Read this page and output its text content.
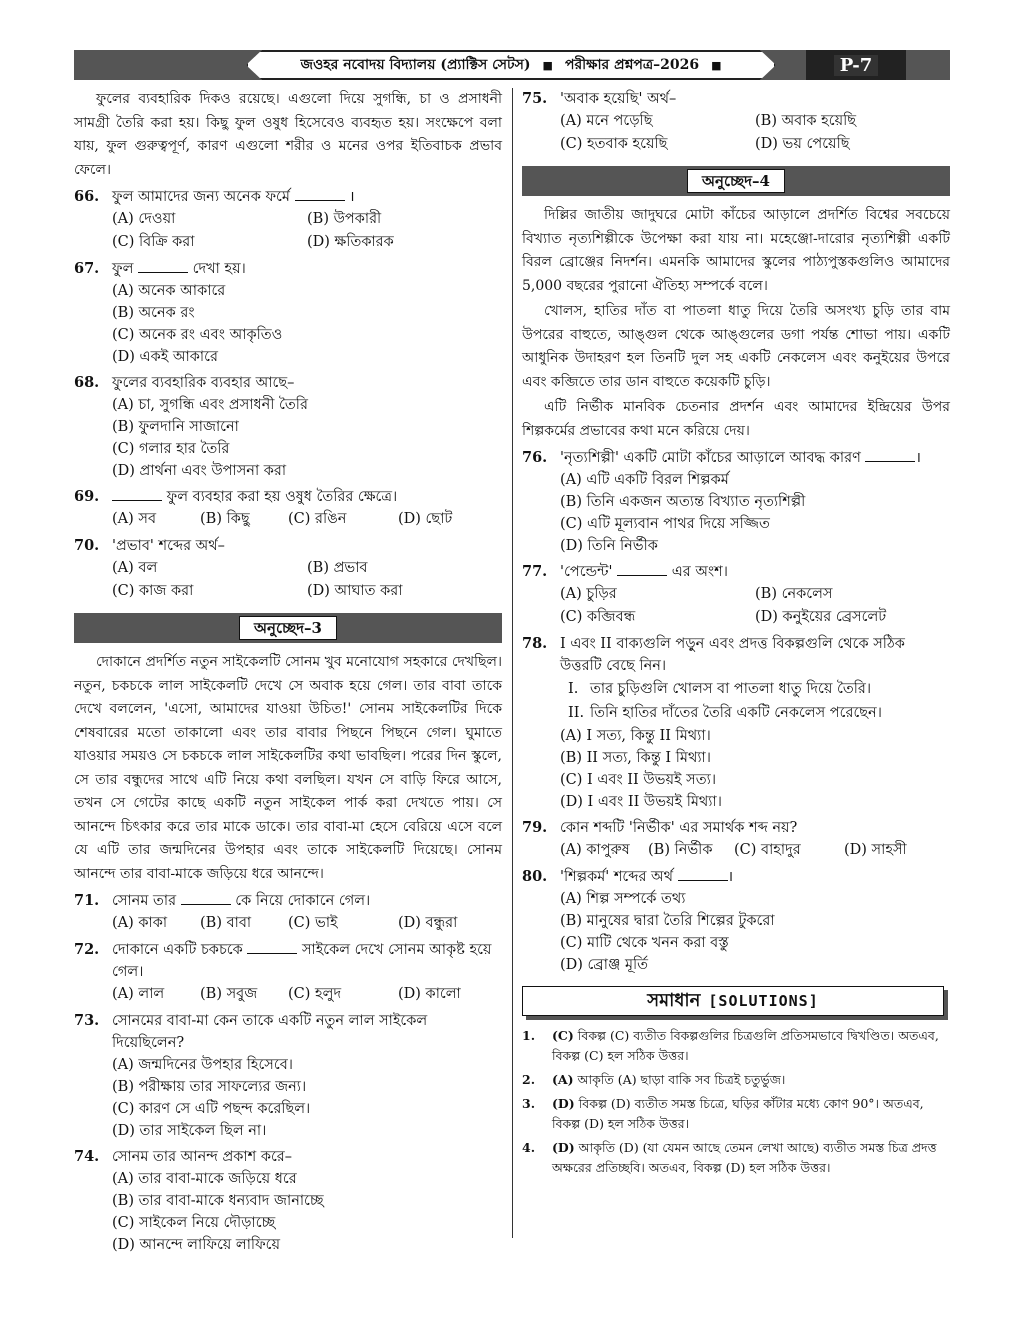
জওহর নবোদয় বিদ্যালয় (প্র্যাক্টিস সেটস) ■ পরীক্ষার প্রশ্নপত্র–2026 ■	P-7

ফুলের ব্যবহারিক দিকও রয়েছে। এগুলো দিয়ে সুগন্ধি, চা ও প্রসাধনী সামগ্রী তৈরি করা হয়। কিছু ফুল ওষুধ হিসেবেও ব্যবহৃত হয়। সংক্ষেপে বলা যায়, ফুল গুরুত্বপূর্ণ, কারণ এগুলো শরীর ও মনের ওপর ইতিবাচক প্রভাব ফেলে।

66. ফুল আমাদের জন্য অনেক ফর্মে	।
(A) দেওয়া	(B) উপকারী
(C) বিক্রি করা	(D) ক্ষতিকারক
67. ফুল	দেখা হয়।
(A) অনেক আকারে
(B) অনেক রং
(C) অনেক রং এবং আকৃতিও
(D) একই আকারে
68. ফুলের ব্যবহারিক ব্যবহার আছে–
(A) চা, সুগন্ধি এবং প্রসাধনী তৈরি
(B) ফুলদানি সাজানো
(C) গলার হার তৈরি
(D) প্রার্থনা এবং উপাসনা করা
69.	ফুল ব্যবহার করা হয় ওষুধ তৈরির ক্ষেত্রে।
(A) সব	(B) কিছু	(C) রঙিন	(D) ছোট
70. 'প্রভাব' শব্দের অর্থ–
(A) বল	(B) প্রভাব
(C) কাজ করা	(D) আঘাত করা
অনুচ্ছেদ–3

দোকানে প্রদর্শিত নতুন সাইকেলটি সোনম খুব মনোযোগ সহকারে দেখছিল। নতুন, চকচকে লাল সাইকেলটি দেখে সে অবাক হয়ে গেল। তার বাবা তাকে দেখে বললেন, 'এসো, আমাদের যাওয়া উচিত!' সোনম সাইকেলটির দিকে শেষবারের মতো তাকালো এবং তার বাবার পিছনে পিছনে গেল। ঘুমাতে যাওয়ার সময়ও সে চকচকে লাল সাইকেলটির কথা ভাবছিল। পরের দিন স্কুলে, সে তার বন্ধুদের সাথে এটি নিয়ে কথা বলছিল। যখন সে বাড়ি ফিরে আসে, তখন সে গেটের কাছে একটি নতুন সাইকেল পার্ক করা দেখতে পায়। সে আনন্দে চিৎকার করে তার মাকে ডাকে। তার বাবা-মা হেসে বেরিয়ে এসে বলে যে এটি তার জন্মদিনের উপহার এবং তাকে সাইকেলটি দিয়েছে। সোনম আনন্দে তার বাবা-মাকে জড়িয়ে ধরে আনন্দে।

71. সোনম তার	কে নিয়ে দোকানে গেল।
(A) কাকা	(B) বাবা	(C) ভাই	(D) বন্ধুরা
72. দোকানে একটি চকচকে	সাইকেল দেখে সোনম আকৃষ্ট হয়ে গেল।
(A) লাল	(B) সবুজ	(C) হলুদ	(D) কালো
73. সোনমের বাবা-মা কেন তাকে একটি নতুন লাল সাইকেল দিয়েছিলেন?
(A) জন্মদিনের উপহার হিসেবে।
(B) পরীক্ষায় তার সাফল্যের জন্য।
(C) কারণ সে এটি পছন্দ করেছিল।
(D) তার সাইকেল ছিল না।
74. সোনম তার আনন্দ প্রকাশ করে–
(A) তার বাবা-মাকে জড়িয়ে ধরে
(B) তার বাবা-মাকে ধন্যবাদ জানাচ্ছে
(C) সাইকেল নিয়ে দৌড়াচ্ছে
(D) আনন্দে লাফিয়ে লাফিয়ে
75. 'অবাক হয়েছি' অর্থ–
(A) মনে পড়েছি	(B) অবাক হয়েছি
(C) হতবাক হয়েছি	(D) ভয় পেয়েছি
অনুচ্ছেদ–4

দিল্লির জাতীয় জাদুঘরে মোটা কাঁচের আড়ালে প্রদর্শিত বিশ্বের সবচেয়ে বিখ্যাত নৃত্যশিল্পীকে উপেক্ষা করা যায় না। মহেঞ্জো-দারোর নৃত্যশিল্পী একটি বিরল ব্রোঞ্জের নিদর্শন। এমনকি আমাদের স্কুলের পাঠ্যপুস্তকগুলিও আমাদের 5,000 বছরের পুরানো ঐতিহ্য সম্পর্কে বলে।

খোলস, হাতির দাঁত বা পাতলা ধাতু দিয়ে তৈরি অসংখ্য চুড়ি তার বাম উপরের বাহুতে, আঙ্গুল থেকে আঙ্গুলের ডগা পর্যন্ত শোভা পায়। একটি আধুনিক উদাহরণ হল তিনটি দুল সহ একটি নেকলেস এবং কনুইয়ের উপরে এবং কব্জিতে তার ডান বাহুতে কয়েকটি চুড়ি।

এটি নির্ভীক মানবিক চেতনার প্রদর্শন এবং আমাদের ইন্দ্রিয়ের উপর শিল্পকর্মের প্রভাবের কথা মনে করিয়ে দেয়।

76. 'নৃত্যশিল্পী' একটি মোটা কাঁচের আড়ালে আবদ্ধ কারণ	।
(A) এটি একটি বিরল শিল্পকর্ম
(B) তিনি একজন অত্যন্ত বিখ্যাত নৃত্যশিল্পী
(C) এটি মূল্যবান পাথর দিয়ে সজ্জিত
(D) তিনি নির্ভীক
77. 'পেন্ডেন্ট'	এর অংশ।
(A) চুড়ির	(B) নেকলেস
(C) কব্জিবন্ধ	(D) কনুইয়ের ব্রেসলেট
78. I এবং II বাক্যগুলি পড়ুন এবং প্রদত্ত বিকল্পগুলি থেকে সঠিক উত্তরটি বেছে নিন।
I. তার চুড়িগুলি খোলস বা পাতলা ধাতু দিয়ে তৈরি।
II. তিনি হাতির দাঁতের তৈরি একটি নেকলেস পরেছেন।
(A) I সত্য, কিন্তু II মিথ্যা।
(B) II সত্য, কিন্তু I মিথ্যা।
(C) I এবং II উভয়ই সত্য।
(D) I এবং II উভয়ই মিথ্যা।
79. কোন শব্দটি 'নির্ভীক' এর সমার্থক শব্দ নয়?
(A) কাপুরুষ	(B) নির্ভীক	(C) বাহাদুর	(D) সাহসী
80. 'শিল্পকর্ম' শব্দের অর্থ	।
(A) শিল্প সম্পর্কে তথ্য
(B) মানুষের দ্বারা তৈরি শিল্পের টুকরো
(C) মাটি থেকে খনন করা বস্তু
(D) ব্রোঞ্জ মূর্তি
সমাধান [SOLUTIONS]
1.	(C) বিকল্প (C) ব্যতীত বিকল্পগুলির চিত্রগুলি প্রতিসমভাবে দ্বিখণ্ডিত। অতএব, বিকল্প (C) হল সঠিক উত্তর।
2.	(A) আকৃতি (A) ছাড়া বাকি সব চিত্রই চতুর্ভুজ।
3.	(D) বিকল্প (D) ব্যতীত সমস্ত চিত্রে, ঘড়ির কাঁটার মধ্যে কোণ 90°। অতএব, বিকল্প (D) হল সঠিক উত্তর।
4.	(D) আকৃতি (D) (যা যেমন আছে তেমন লেখা আছে) ব্যতীত সমস্ত চিত্র প্রদত্ত অক্ষরের প্রতিচ্ছবি। অতএব, বিকল্প (D) হল সঠিক উত্তর।
